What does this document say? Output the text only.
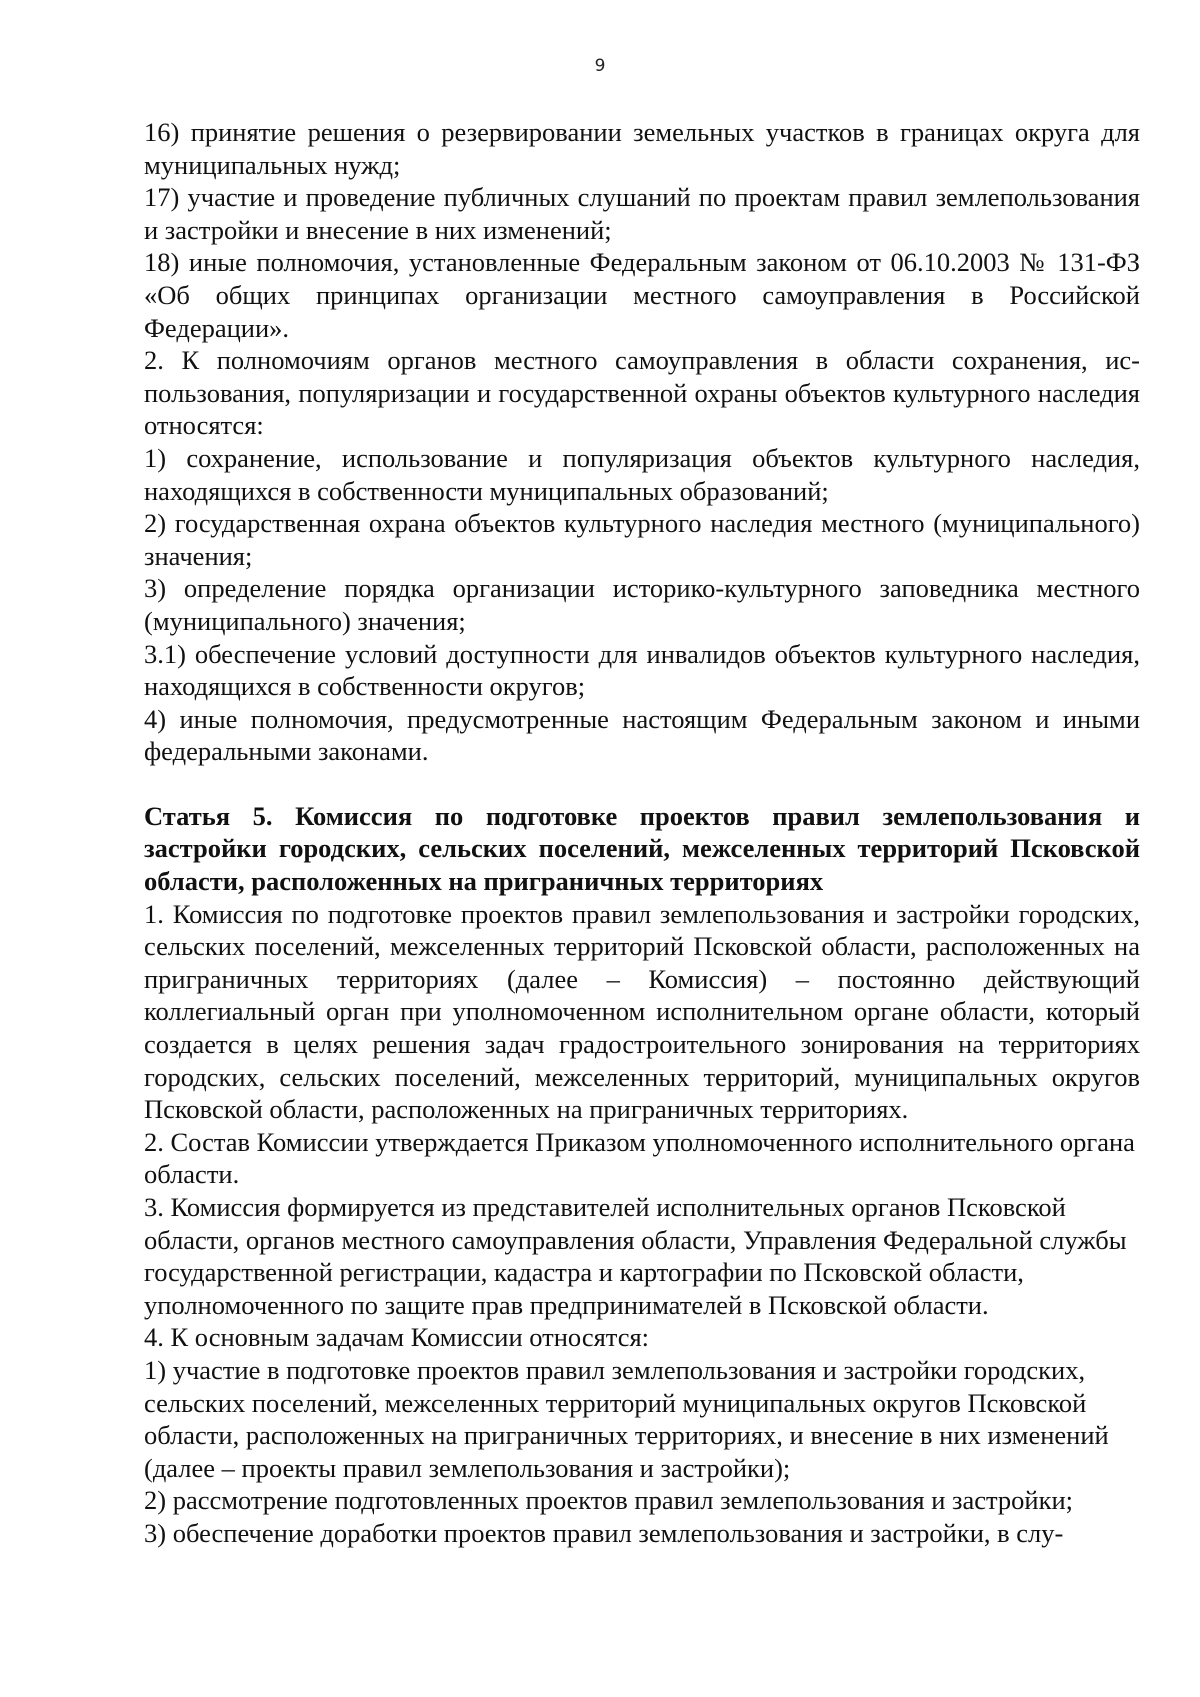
9

16) принятие решения о резервировании земельных участков в границах округа для муниципальных нужд;

17) участие и проведение публичных слушаний по проектам правил землепользования и застройки и внесение в них изменений;

18) иные полномочия, установленные Федеральным законом от 06.10.2003 № 131-ФЗ «Об общих принципах организации местного самоуправления в Российской Федерации».

2. К полномочиям органов местного самоуправления в области сохранения, использования, популяризации и государственной охраны объектов культурного наследия относятся:

1) сохранение, использование и популяризация объектов культурного наследия, находящихся в собственности муниципальных образований;

2) государственная охрана объектов культурного наследия местного (муниципального) значения;

3) определение порядка организации историко-культурного заповедника местного (муниципального) значения;

3.1) обеспечение условий доступности для инвалидов объектов культурного наследия, находящихся в собственности округов;

4) иные полномочия, предусмотренные настоящим Федеральным законом и иными федеральными законами.

Статья 5. Комиссия по подготовке проектов правил землепользования и застройки городских, сельских поселений, межселенных территорий Псковской области, расположенных на приграничных территориях

1. Комиссия по подготовке проектов правил землепользования и застройки городских, сельских поселений, межселенных территорий Псковской области, расположенных на приграничных территориях (далее – Комиссия) – постоянно действующий коллегиальный орган при уполномоченном исполнительном органе области, который создается в целях решения задач градостроительного зонирования на территориях городских, сельских поселений, межселенных территорий, муниципальных округов Псковской области, расположенных на приграничных территориях.

2. Состав Комиссии утверждается Приказом уполномоченного исполнительного органа области.

3. Комиссия формируется из представителей исполнительных органов Псковской области, органов местного самоуправления области, Управления Федеральной службы государственной регистрации, кадастра и картографии по Псковской области, уполномоченного по защите прав предпринимателей в Псковской области.

4. К основным задачам Комиссии относятся:

1) участие в подготовке проектов правил землепользования и застройки городских, сельских поселений, межселенных территорий муниципальных округов Псковской области, расположенных на приграничных территориях, и внесение в них изменений (далее – проекты правил землепользования и застройки);

2) рассмотрение подготовленных проектов правил землепользования и застройки;

3) обеспечение доработки проектов правил землепользования и застройки, в слу-
